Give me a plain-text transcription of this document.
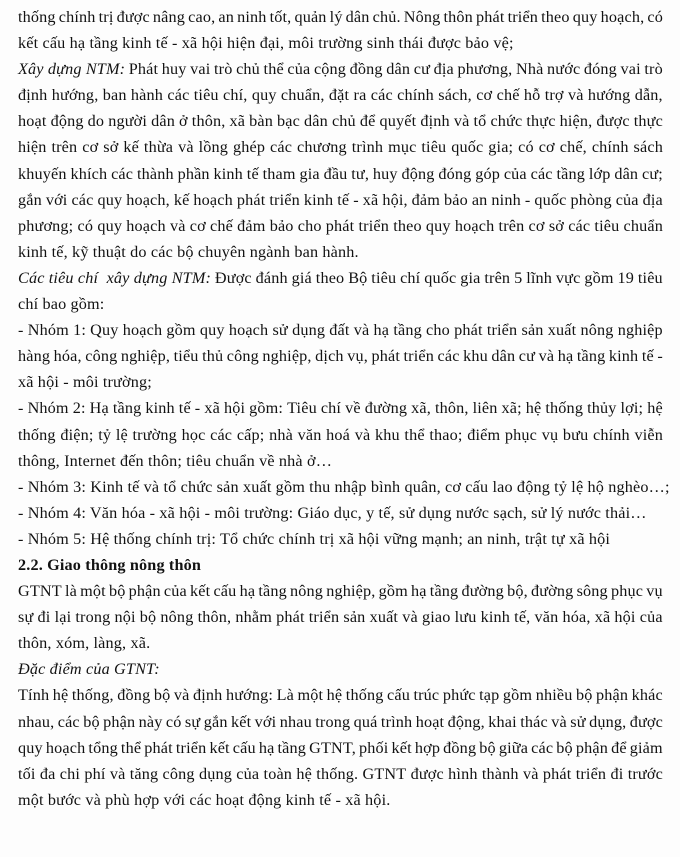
thống chính trị được nâng cao, an ninh tốt, quản lý dân chủ. Nông thôn phát triển theo quy hoạch, có
kết cấu hạ tầng kinh tế - xã hội hiện đại, môi trường sinh thái được bảo vệ;
Xây dựng NTM: Phát huy vai trò chủ thể của cộng đồng dân cư địa phương, Nhà nước đóng vai trò
định hướng, ban hành các tiêu chí, quy chuẩn, đặt ra các chính sách, cơ chế hỗ trợ và hướng dẫn,
hoạt động do người dân ở thôn, xã bàn bạc dân chủ để quyết định và tổ chức thực hiện, được thực
hiện trên cơ sở kế thừa và lồng ghép các chương trình mục tiêu quốc gia; có cơ chế, chính sách
khuyến khích các thành phần kinh tế tham gia đầu tư, huy động đóng góp của các tầng lớp dân cư;
gắn với các quy hoạch, kế hoạch phát triển kinh tế - xã hội, đảm bảo an ninh - quốc phòng của địa
phương; có quy hoạch và cơ chế đảm bảo cho phát triển theo quy hoạch trên cơ sở các tiêu chuẩn
kinh tế, kỹ thuật do các bộ chuyên ngành ban hành.
Các tiêu chí  xây dựng NTM: Được đánh giá theo Bộ tiêu chí quốc gia trên 5 lĩnh vực gồm 19 tiêu
chí bao gồm:
- Nhóm 1: Quy hoạch gồm quy hoạch sử dụng đất và hạ tầng cho phát triển sản xuất nông nghiệp
hàng hóa, công nghiệp, tiểu thủ công nghiệp, dịch vụ, phát triển các khu dân cư và hạ tầng kinh tế -
xã hội - môi trường;
- Nhóm 2: Hạ tầng kinh tế - xã hội gồm: Tiêu chí về đường xã, thôn, liên xã; hệ thống thủy lợi; hệ
thống điện; tỷ lệ trường học các cấp; nhà văn hoá và khu thể thao; điểm phục vụ bưu chính viễn
thông, Internet đến thôn; tiêu chuẩn về nhà ở…
- Nhóm 3: Kinh tế và tổ chức sản xuất gồm thu nhập bình quân, cơ cấu lao động tỷ lệ hộ nghèo…;
- Nhóm 4: Văn hóa - xã hội - môi trường: Giáo dục, y tế, sử dụng nước sạch, sử lý nước thải…
- Nhóm 5: Hệ thống chính trị: Tổ chức chính trị xã hội vững mạnh; an ninh, trật tự xã hội
2.2. Giao thông nông thôn
GTNT là một bộ phận của kết cấu hạ tầng nông nghiệp, gồm hạ tầng đường bộ, đường sông phục vụ
sự đi lại trong nội bộ nông thôn, nhằm phát triển sản xuất và giao lưu kinh tế, văn hóa, xã hội của
thôn, xóm, làng, xã.
Đặc điểm của GTNT:
Tính hệ thống, đồng bộ và định hướng: Là một hệ thống cấu trúc phức tạp gồm nhiều bộ phận khác
nhau, các bộ phận này có sự gắn kết với nhau trong quá trình hoạt động, khai thác và sử dụng, được
quy hoạch tổng thể phát triển kết cấu hạ tầng GTNT, phối kết hợp đồng bộ giữa các bộ phận để giảm
tối đa chi phí và tăng công dụng của toàn hệ thống. GTNT được hình thành và phát triển đi trước
một bước và phù hợp với các hoạt động kinh tế - xã hội.
